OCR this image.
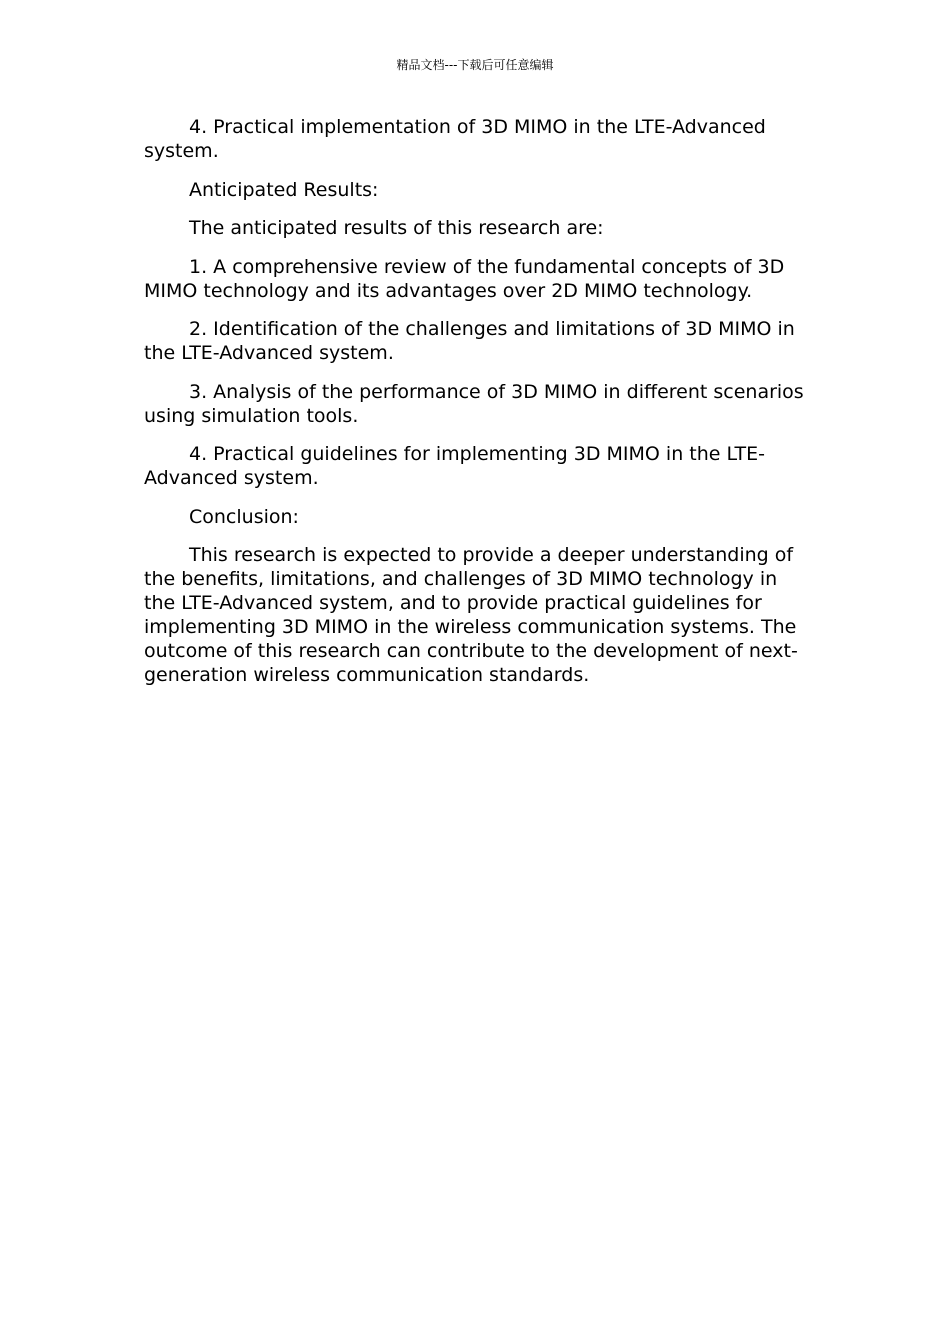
精品文档---下载后可任意编辑

4. Practical implementation of 3D MIMO in the LTE-Advanced system.

Anticipated Results:

The anticipated results of this research are:

1. A comprehensive review of the fundamental concepts of 3D MIMO technology and its advantages over 2D MIMO technology.

2. Identification of the challenges and limitations of 3D MIMO in the LTE-Advanced system.

3. Analysis of the performance of 3D MIMO in different scenarios using simulation tools.

4. Practical guidelines for implementing 3D MIMO in the LTE-Advanced system.

Conclusion:

This research is expected to provide a deeper understanding of the benefits, limitations, and challenges of 3D MIMO technology in the LTE-Advanced system, and to provide practical guidelines for implementing 3D MIMO in the wireless communication systems. The outcome of this research can contribute to the development of next-generation wireless communication standards.
